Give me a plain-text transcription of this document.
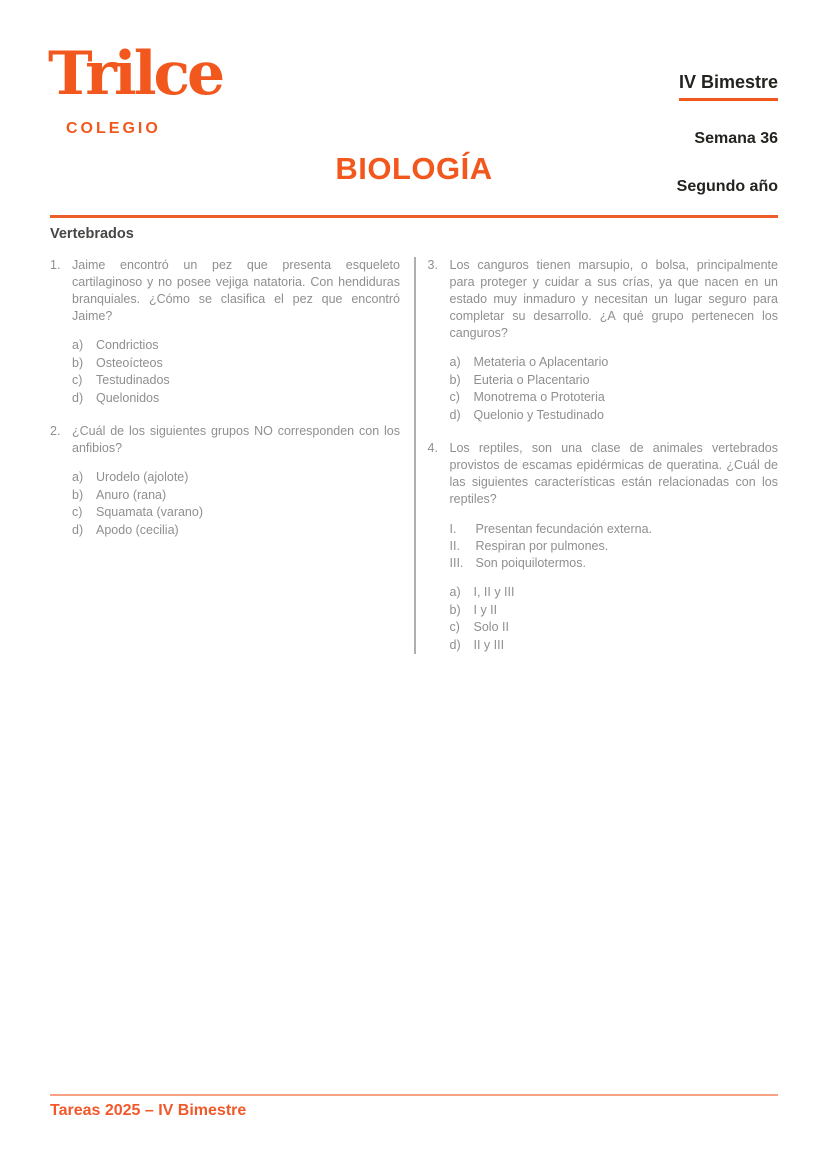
Trilce
COLEGIO
IV Bimestre
Semana 36
Segundo año
BIOLOGÍA
Vertebrados
1. Jaime encontró un pez que presenta esqueleto cartilaginoso y no posee vejiga natatoria. Con hendiduras branquiales. ¿Cómo se clasifica el pez que encontró Jaime?
a)	Condrictios
b)	Osteoícteos
c)	Testudinados
d)	Quelonidos
2. ¿Cuál de los siguientes grupos NO corresponden con los anfibios?
a)	Urodelo (ajolote)
b)	Anuro (rana)
c)	Squamata (varano)
d)	Apodo (cecilia)
3. Los canguros tienen marsupio, o bolsa, principalmente para proteger y cuidar a sus crías, ya que nacen en un estado muy inmaduro y necesitan un lugar seguro para completar su desarrollo. ¿A qué grupo pertenecen los canguros?
a)	Metateria o Aplacentario
b)	Euteria o Placentario
c)	Monotrema o Prototeria
d)	Quelonio y Testudinado
4. Los reptiles, son una clase de animales vertebrados provistos de escamas epidérmicas de queratina. ¿Cuál de las siguientes características están relacionadas con los reptiles?
I.	Presentan fecundación externa.
II.	Respiran por pulmones.
III. Son poiquilotermos.
a)	I, II y III
b)	I y II
c)	Solo II
d)	II y III
Tareas 2025 – IV Bimestre
